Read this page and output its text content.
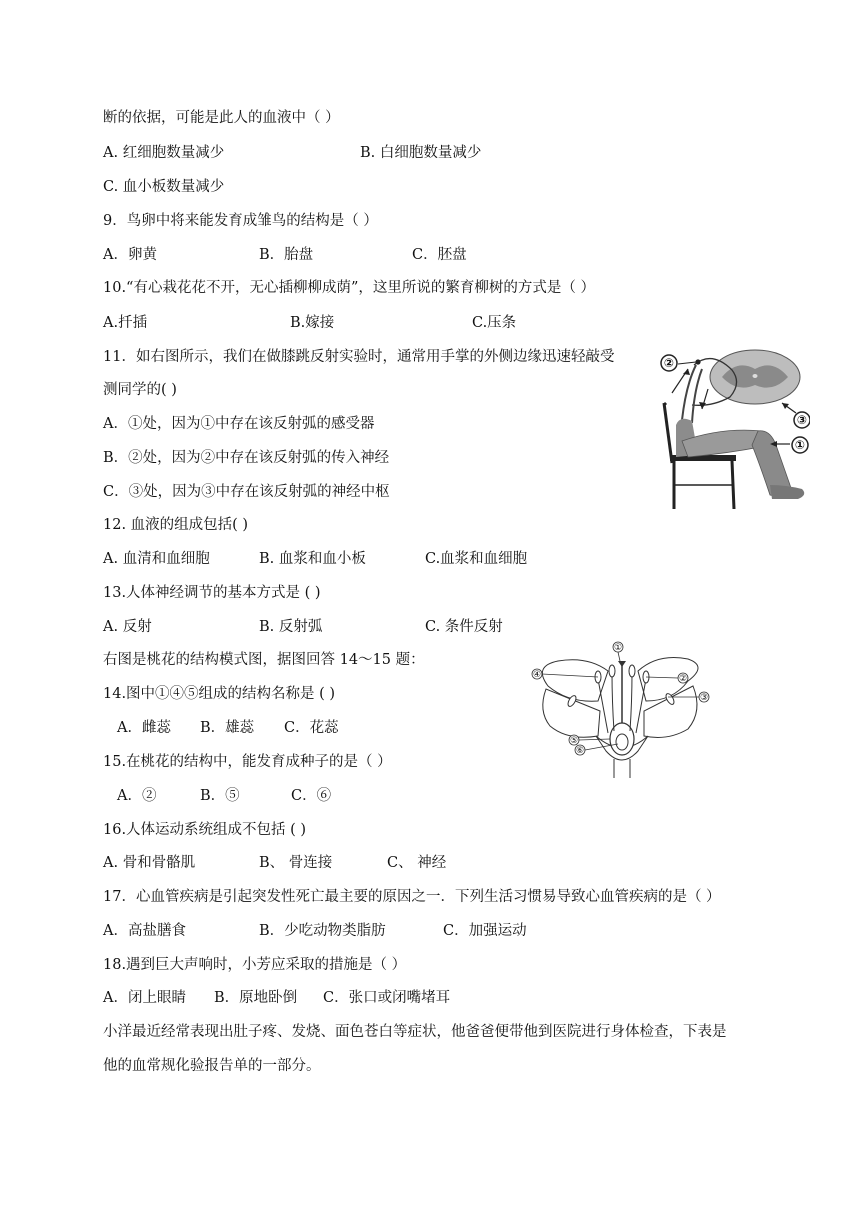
断的依据，可能是此人的血液中（ ）
A. 红细胞数量减少	B. 白细胞数量减少
C. 血小板数量减少
9．鸟卵中将来能发育成雏鸟的结构是（ ）
A．卵黄	B．胎盘	C．胚盘
10.“有心栽花花不开，无心插柳柳成荫”，这里所说的繁育柳树的方式是（ ）
A.扦插	B.嫁接	C.压条
11．如右图所示，我们在做膝跳反射实验时，通常用手掌的外侧边缘迅速轻敲受
测同学的( )
A．①处，因为①中存在该反射弧的感受器
B．②处，因为②中存在该反射弧的传入神经
C．③处，因为③中存在该反射弧的神经中枢
12. 血液的组成包括( )
A. 血清和血细胞	B. 血浆和血小板	C.血浆和血细胞
13.人体神经调节的基本方式是 ( )
A. 反射	B. 反射弧	C. 条件反射
右图是桃花的结构模式图，据图回答 14～15 题：
14.图中①④⑤组成的结构名称是 ( )
A．雌蕊 B．雄蕊 C．花蕊
15.在桃花的结构中，能发育成种子的是（ ）
A．②	B．⑤	C．⑥
16.人体运动系统组成不包括 ( )
A. 骨和骨骼肌	B、 骨连接	C、 神经
17．心血管疾病是引起突发性死亡最主要的原因之一．下列生活习惯易导致心血管疾病的是（ ）
A．高盐膳食	B．少吃动物类脂肪	C．加强运动
18.遇到巨大声响时，小芳应采取的措施是（ ）
A．闭上眼睛 B．原地卧倒 C．张口或闭嘴堵耳
小洋最近经常表现出肚子疼、发烧、面色苍白等症状，他爸爸便带他到医院进行身体检查，下表是
他的血常规化验报告单的一部分。
②
③
①
①
②
③
④
⑤
⑥
